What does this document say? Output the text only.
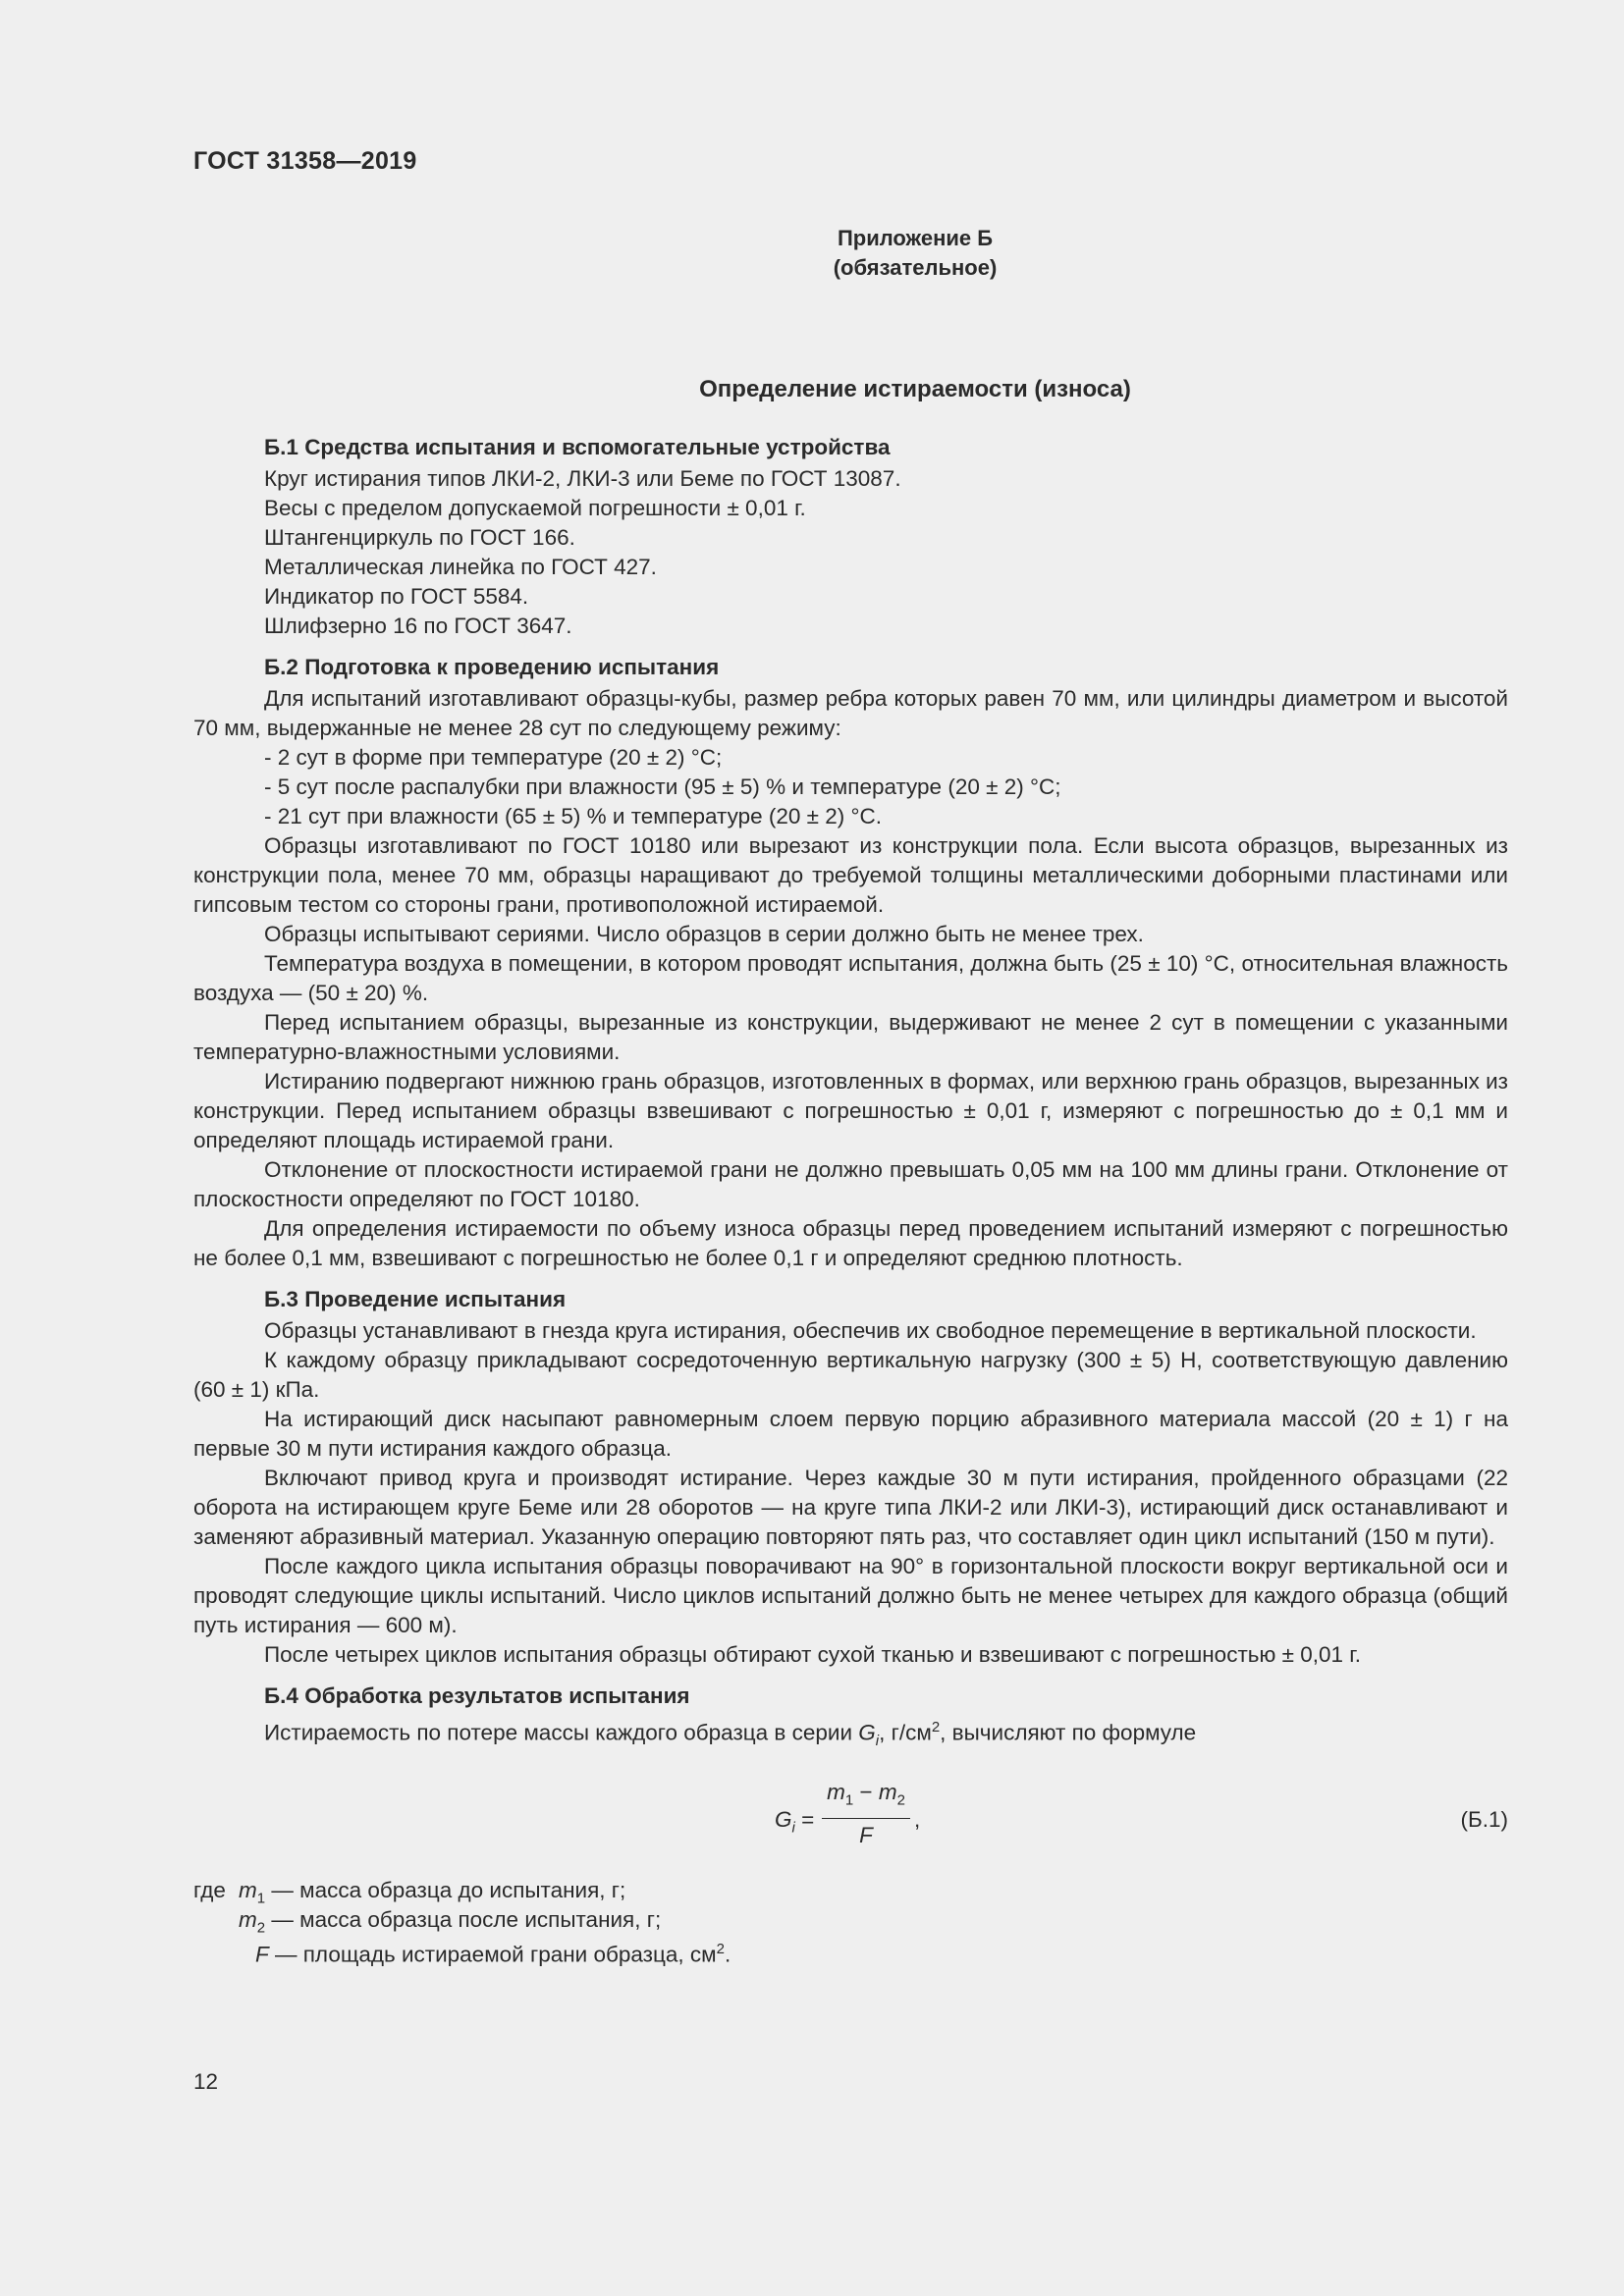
ГОСТ 31358—2019
Приложение Б
(обязательное)
Определение истираемости (износа)
Б.1 Средства испытания и вспомогательные устройства
Круг истирания типов ЛКИ-2, ЛКИ-3 или Беме по ГОСТ 13087.
Весы с пределом допускаемой погрешности ± 0,01 г.
Штангенциркуль по ГОСТ 166.
Металлическая линейка по ГОСТ 427.
Индикатор по ГОСТ 5584.
Шлифзерно 16 по ГОСТ 3647.
Б.2 Подготовка к проведению испытания
Для испытаний изготавливают образцы-кубы, размер ребра которых равен 70 мм, или цилиндры диаметром и высотой 70 мм, выдержанные не менее 28 сут по следующему режиму:
- 2 сут в форме при температуре (20 ± 2) °С;
- 5 сут после распалубки при влажности (95 ± 5) % и температуре (20 ± 2) °С;
- 21 сут при влажности (65 ± 5) % и температуре (20 ± 2) °С.
Образцы изготавливают по ГОСТ 10180 или вырезают из конструкции пола. Если высота образцов, вырезанных из конструкции пола, менее 70 мм, образцы наращивают до требуемой толщины металлическими доборными пластинами или гипсовым тестом со стороны грани, противоположной истираемой.
Образцы испытывают сериями. Число образцов в серии должно быть не менее трех.
Температура воздуха в помещении, в котором проводят испытания, должна быть (25 ± 10) °С, относительная влажность воздуха — (50 ± 20) %.
Перед испытанием образцы, вырезанные из конструкции, выдерживают не менее 2 сут в помещении с указанными температурно-влажностными условиями.
Истиранию подвергают нижнюю грань образцов, изготовленных в формах, или верхнюю грань образцов, вырезанных из конструкции. Перед испытанием образцы взвешивают с погрешностью ± 0,01 г, измеряют с погрешностью до ± 0,1 мм и определяют площадь истираемой грани.
Отклонение от плоскостности истираемой грани не должно превышать 0,05 мм на 100 мм длины грани. Отклонение от плоскостности определяют по ГОСТ 10180.
Для определения истираемости по объему износа образцы перед проведением испытаний измеряют с погрешностью не более 0,1 мм, взвешивают с погрешностью не более 0,1 г и определяют среднюю плотность.
Б.3 Проведение испытания
Образцы устанавливают в гнезда круга истирания, обеспечив их свободное перемещение в вертикальной плоскости.
К каждому образцу прикладывают сосредоточенную вертикальную нагрузку (300 ± 5) Н, соответствующую давлению (60 ± 1) кПа.
На истирающий диск насыпают равномерным слоем первую порцию абразивного материала массой (20 ± 1) г на первые 30 м пути истирания каждого образца.
Включают привод круга и производят истирание. Через каждые 30 м пути истирания, пройденного образцами (22 оборота на истирающем круге Беме или 28 оборотов — на круге типа ЛКИ-2 или ЛКИ-3), истирающий диск останавливают и заменяют абразивный материал. Указанную операцию повторяют пять раз, что составляет один цикл испытаний (150 м пути).
После каждого цикла испытания образцы поворачивают на 90° в горизонтальной плоскости вокруг вертикальной оси и проводят следующие циклы испытаний. Число циклов испытаний должно быть не менее четырех для каждого образца (общий путь истирания — 600 м).
После четырех циклов испытания образцы обтирают сухой тканью и взвешивают с погрешностью ± 0,01 г.
Б.4 Обработка результатов испытания
Истираемость по потере массы каждого образца в серии $G_i$, $г/см^2$, вычисляют по формуле
$G_i = \frac{m_1 - m_2}{F}$ ,	(Б.1)
где $m_1$ — масса образца до испытания, г;
$m_2$ — масса образца после испытания, г;
F — площадь истираемой грани образца, $см^2$.
12
